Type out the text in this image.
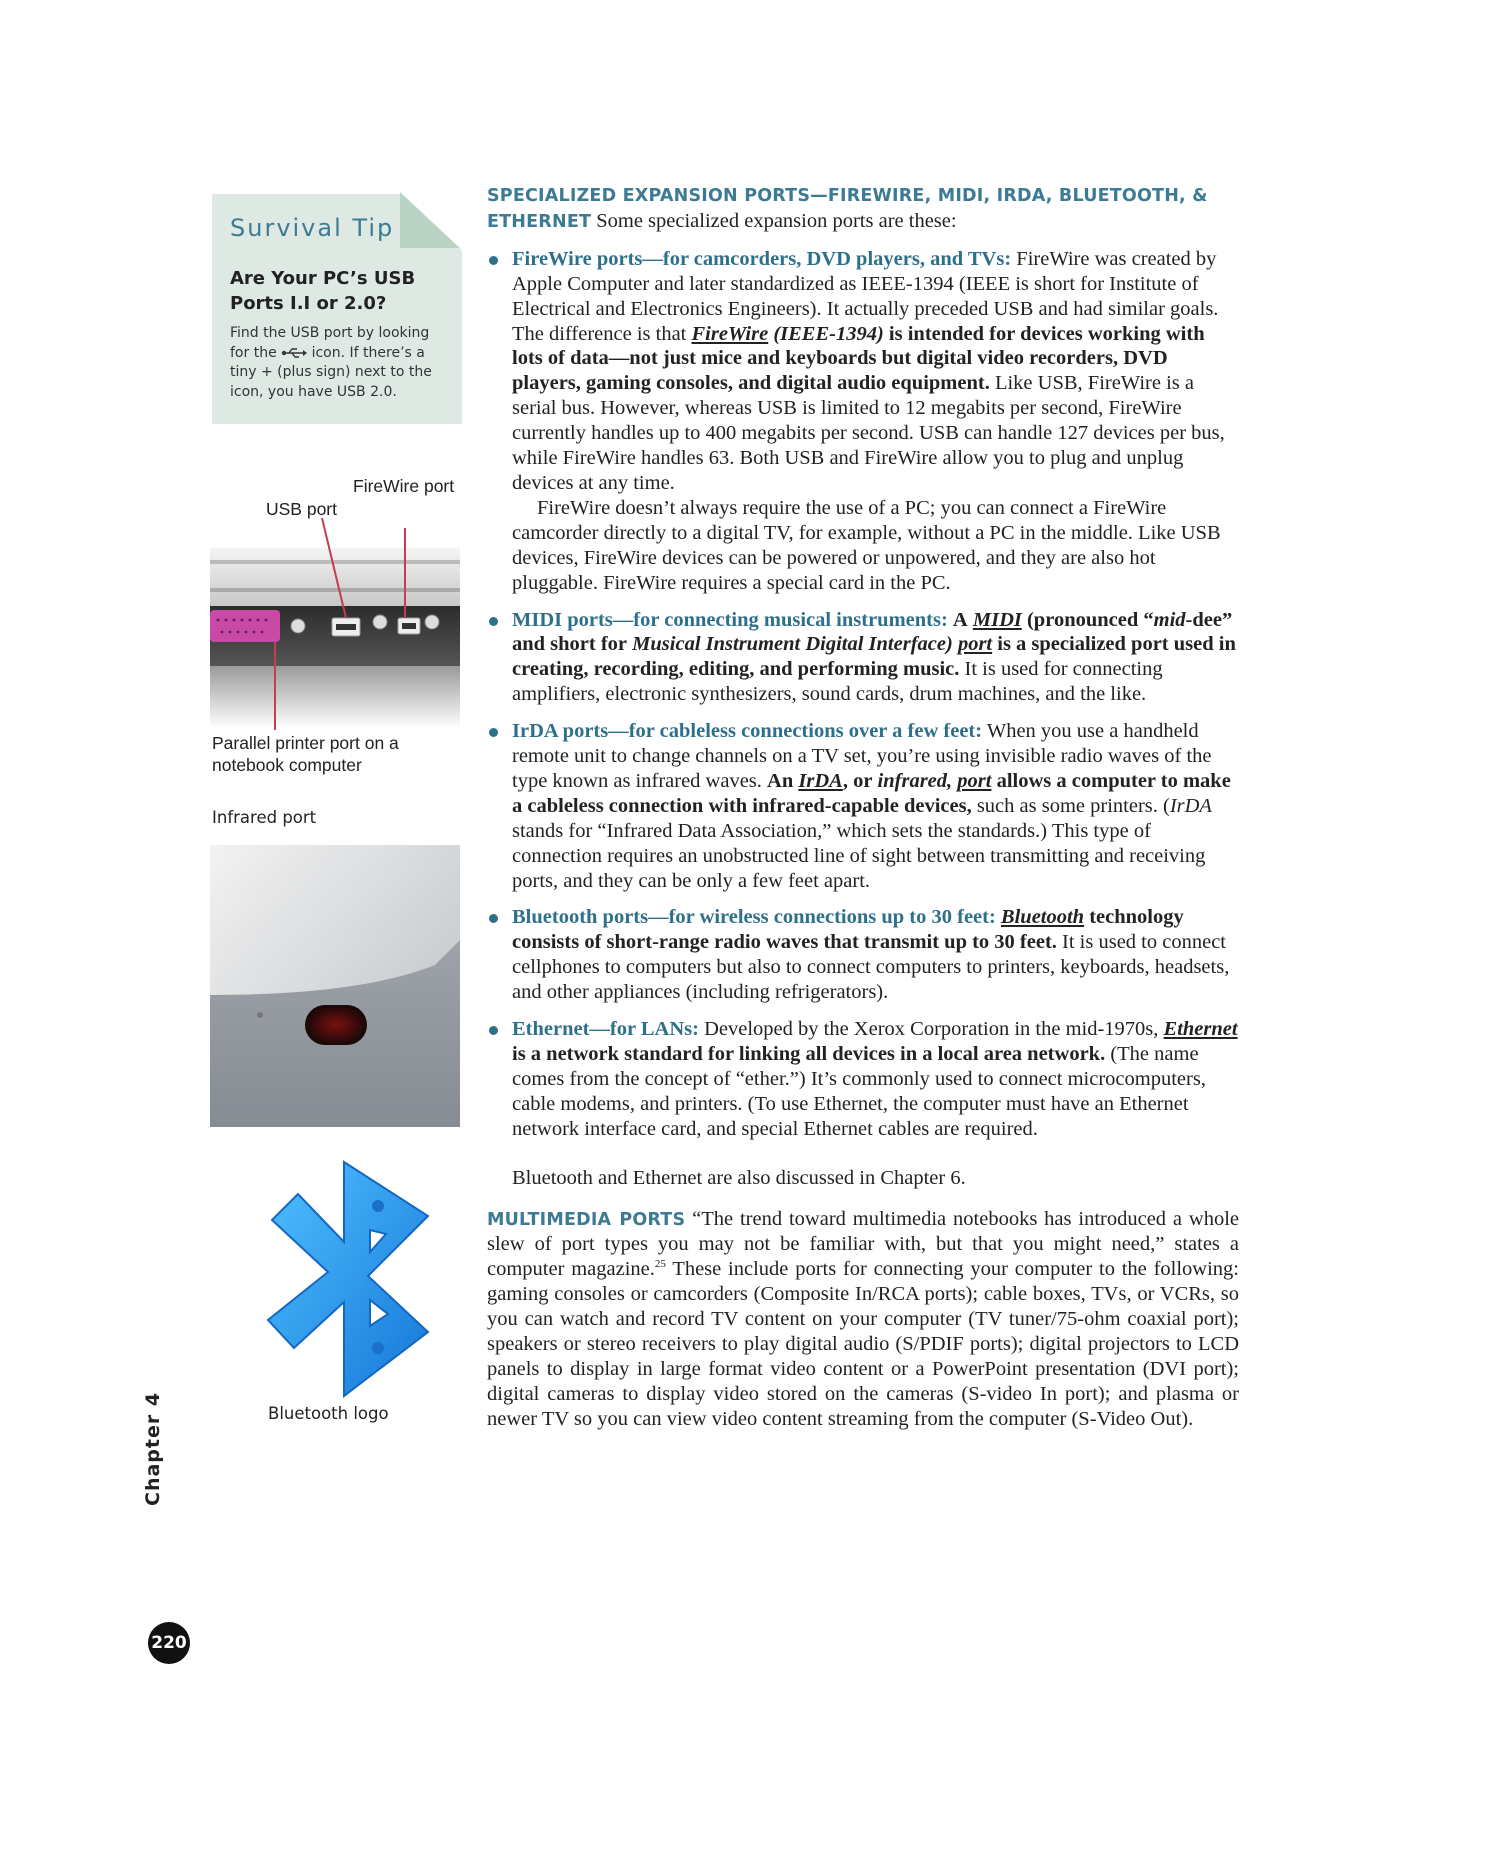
Survival Tip
Are Your PC’s USB Ports I.I or 2.0?
Find the USB port by looking for the icon. If there’s a tiny + (plus sign) next to the icon, you have USB 2.0.
FireWire port
USB port
Parallel printer port on a notebook computer
Infrared port
Bluetooth logo

SPECIALIZED EXPANSION PORTS—FIREWIRE, MIDI, IRDA, BLUETOOTH, & ETHERNET Some specialized expansion ports are these:

FireWire ports—for camcorders, DVD players, and TVs: FireWire was created by Apple Computer and later standardized as IEEE-1394 (IEEE is short for Institute of Electrical and Electronics Engineers). It actually preceded USB and had similar goals. The difference is that FireWire (IEEE-1394) is intended for devices working with lots of data—not just mice and keyboards but digital video recorders, DVD players, gaming consoles, and digital audio equipment. Like USB, FireWire is a serial bus. However, whereas USB is limited to 12 megabits per second, FireWire currently handles up to 400 megabits per second. USB can handle 127 devices per bus, while FireWire handles 63. Both USB and FireWire allow you to plug and unplug devices at any time.
FireWire doesn’t always require the use of a PC; you can connect a FireWire camcorder directly to a digital TV, for example, without a PC in the middle. Like USB devices, FireWire devices can be powered or unpowered, and they are also hot pluggable. FireWire requires a special card in the PC.
MIDI ports—for connecting musical instruments: A MIDI (pronounced “mid-dee” and short for Musical Instrument Digital Interface) port is a specialized port used in creating, recording, editing, and performing music. It is used for connecting amplifiers, electronic synthesizers, sound cards, drum machines, and the like.
IrDA ports—for cableless connections over a few feet: When you use a handheld remote unit to change channels on a TV set, you’re using invisible radio waves of the type known as infrared waves. An IrDA, or infrared, port allows a computer to make a cableless connection with infrared-capable devices, such as some printers. (IrDA stands for “Infrared Data Association,” which sets the standards.) This type of connection requires an unobstructed line of sight between transmitting and receiving ports, and they can be only a few feet apart.
Bluetooth ports—for wireless connections up to 30 feet: Bluetooth technology consists of short-range radio waves that transmit up to 30 feet. It is used to connect cellphones to computers but also to connect computers to printers, keyboards, headsets, and other appliances (including refrigerators).
Ethernet—for LANs: Developed by the Xerox Corporation in the mid-1970s, Ethernet is a network standard for linking all devices in a local area network. (The name comes from the concept of “ether.”) It’s commonly used to connect microcomputers, cable modems, and printers. (To use Ethernet, the computer must have an Ethernet network interface card, and special Ethernet cables are required.

Bluetooth and Ethernet are also discussed in Chapter 6.

MULTIMEDIA PORTS “The trend toward multimedia notebooks has introduced a whole slew of port types you may not be familiar with, but that you might need,” states a computer magazine.$^{25}$ These include ports for connecting your computer to the following: gaming consoles or camcorders (Composite In/RCA ports); cable boxes, TVs, or VCRs, so you can watch and record TV content on your computer (TV tuner/75-ohm coaxial port); speakers or stereo receivers to play digital audio (S/PDIF ports); digital projectors to LCD panels to display in large format video content or a PowerPoint presentation (DVI port); digital cameras to display video stored on the cameras (S-video In port); and plasma or newer TV so you can view video content streaming from the computer (S-Video Out).

Chapter 4
220
